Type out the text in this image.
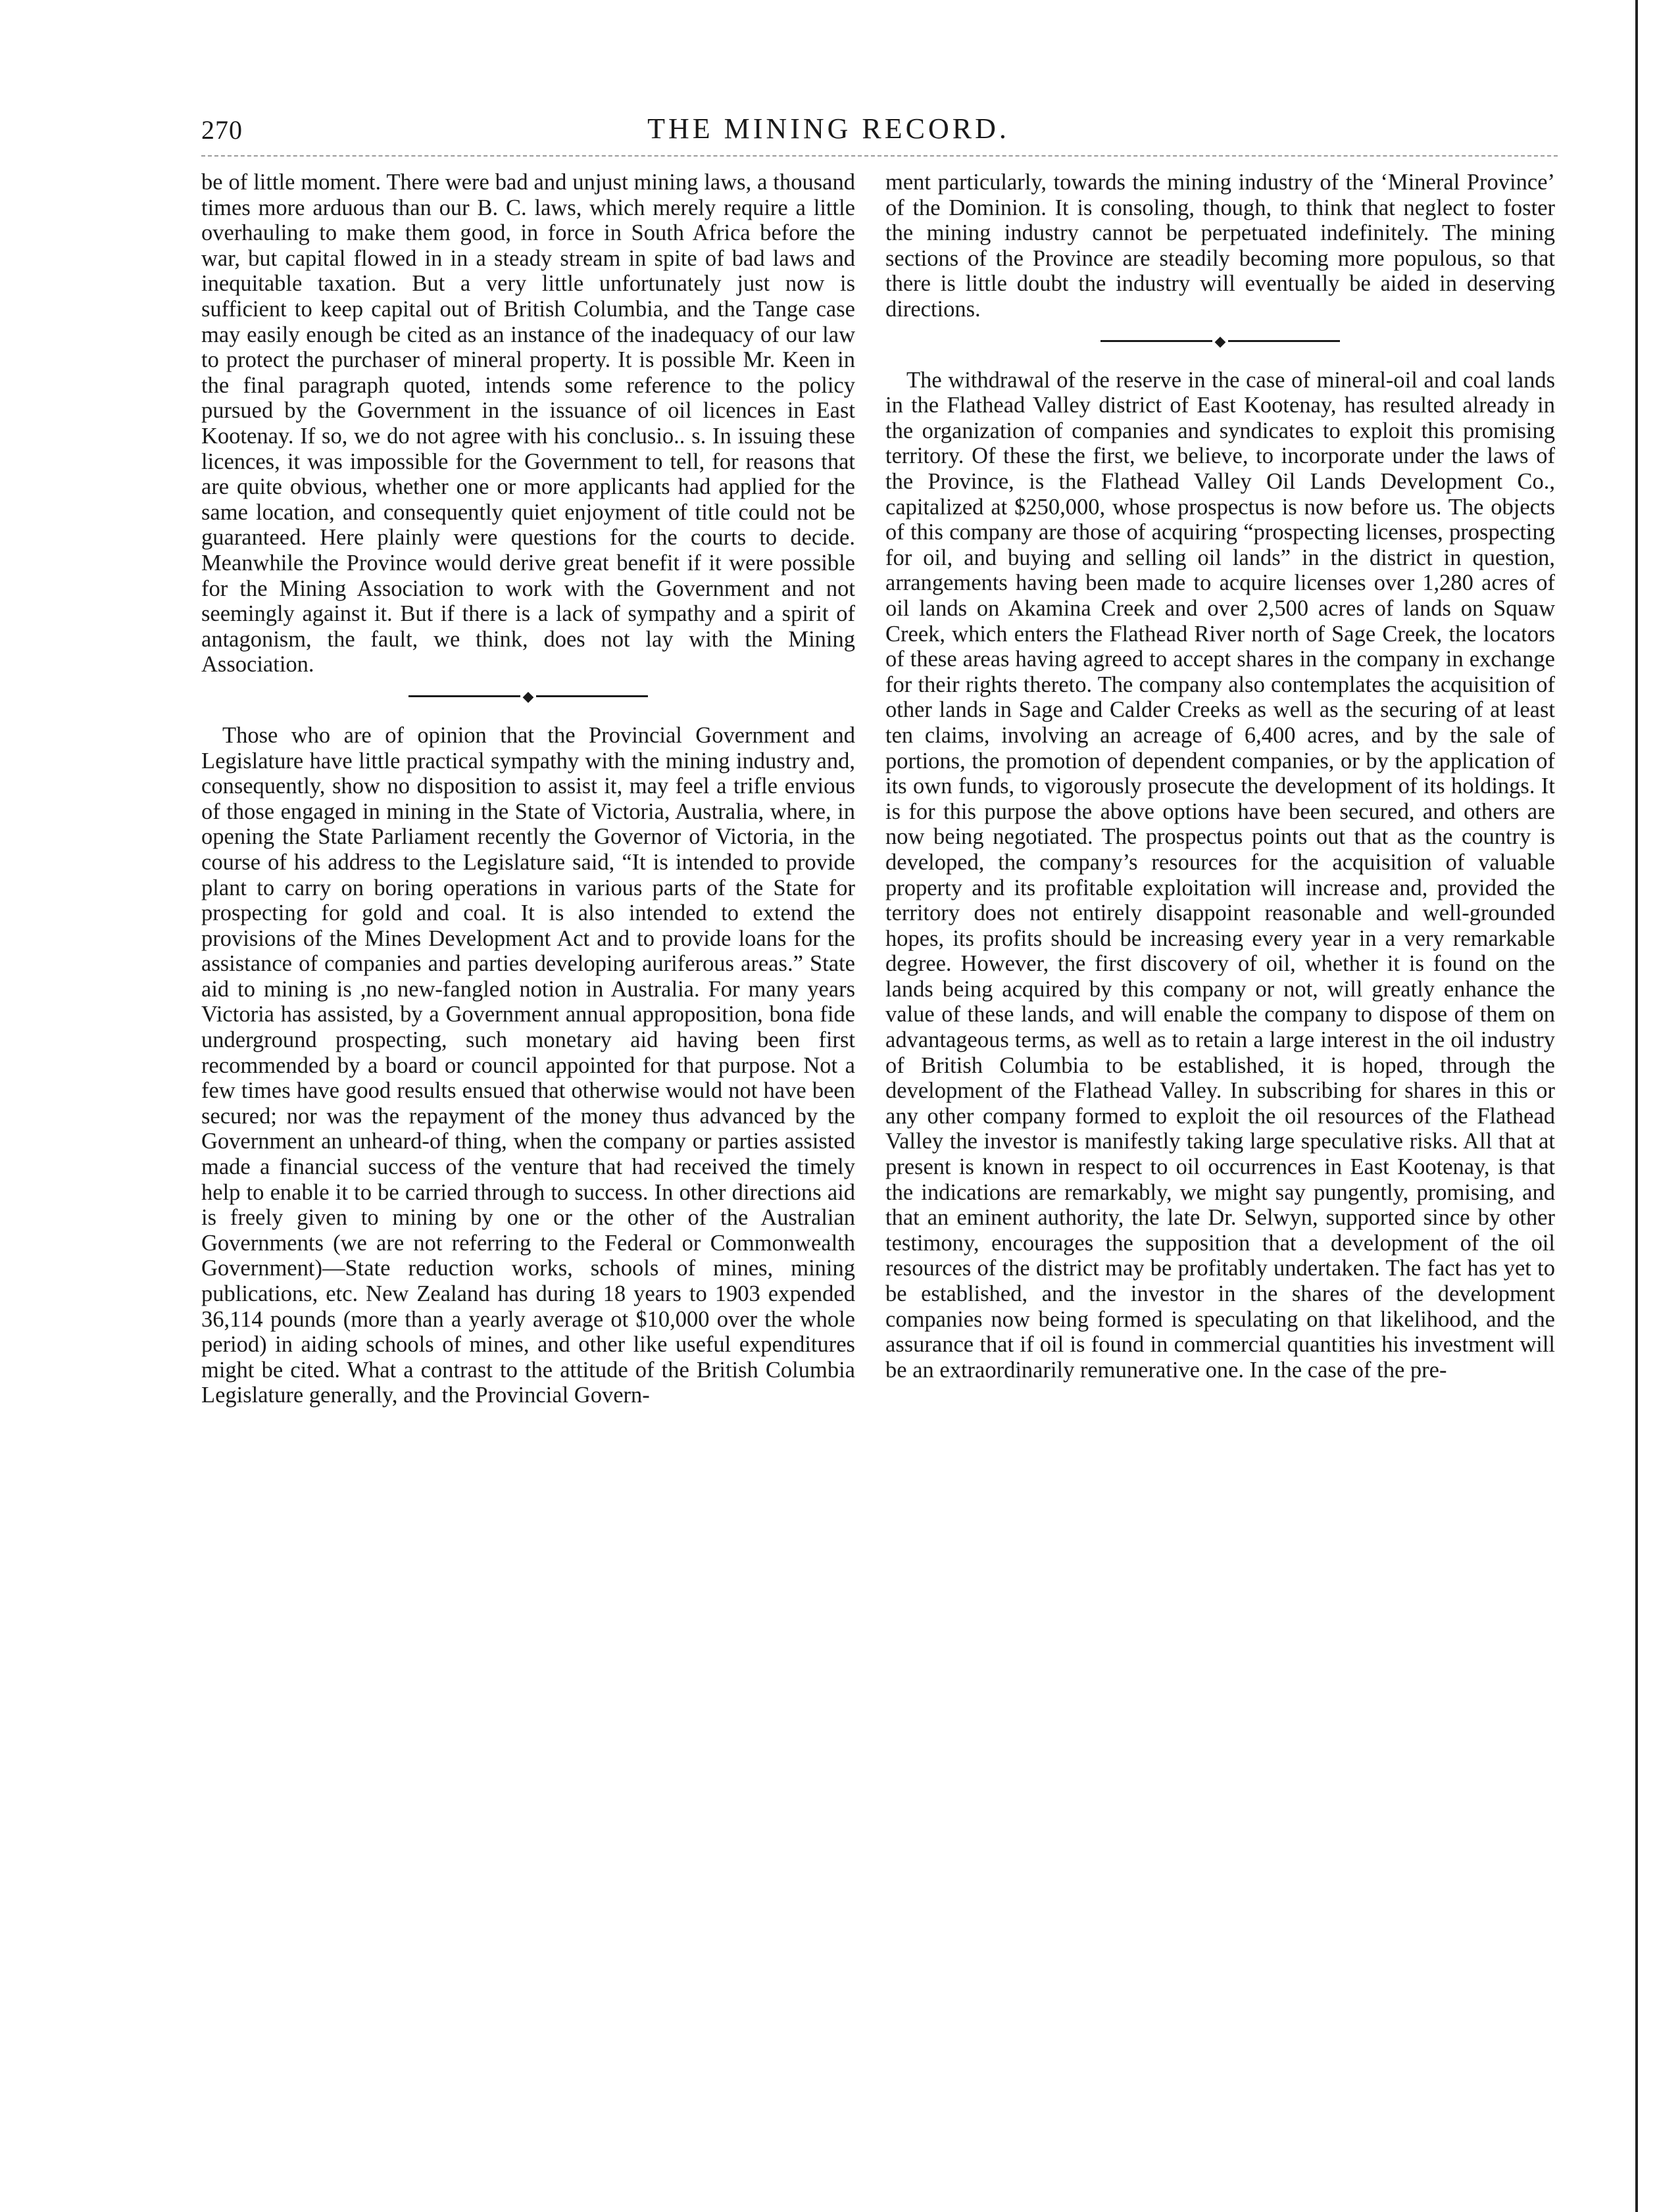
270	THE MINING RECORD.

be of little moment. There were bad and unjust mining laws, a thousand times more arduous than our B. C. laws, which merely require a little overhauling to make them good, in force in South Africa before the war, but capital flowed in in a steady stream in spite of bad laws and inequitable taxation. But a very little unfortunately just now is sufficient to keep capital out of British Columbia, and the Tange case may easily enough be cited as an instance of the inadequacy of our law to protect the purchaser of mineral property. It is possible Mr. Keen in the final paragraph quoted, intends some reference to the policy pursued by the Government in the issuance of oil licences in East Kootenay. If so, we do not agree with his conclusio.. s. In issuing these licences, it was impossible for the Government to tell, for reasons that are quite obvious, whether one or more applicants had applied for the same location, and consequently quiet enjoyment of title could not be guaranteed. Here plainly were questions for the courts to decide. Meanwhile the Province would derive great benefit if it were possible for the Mining Association to work with the Government and not seemingly against it. But if there is a lack of sympathy and a spirit of antagonism, the fault, we think, does not lay with the Mining Association.

◆

Those who are of opinion that the Provincial Government and Legislature have little practical sympathy with the mining industry and, consequently, show no disposition to assist it, may feel a trifle envious of those engaged in mining in the State of Victoria, Australia, where, in opening the State Parliament recently the Governor of Victoria, in the course of his address to the Legislature said, “It is intended to provide plant to carry on boring operations in various parts of the State for prospecting for gold and coal. It is also intended to extend the provisions of the Mines Development Act and to provide loans for the assistance of companies and parties developing auriferous areas.” State aid to mining is ,no new-fangled notion in Australia. For many years Victoria has assisted, by a Government annual approposition, bona fide underground prospecting, such monetary aid having been first recommended by a board or council appointed for that purpose. Not a few times have good results ensued that otherwise would not have been secured; nor was the repayment of the money thus advanced by the Government an unheard-of thing, when the company or parties assisted made a financial success of the venture that had received the timely help to enable it to be carried through to success. In other directions aid is freely given to mining by one or the other of the Australian Governments (we are not referring to the Federal or Commonwealth Government)—State reduction works, schools of mines, mining publications, etc. New Zealand has during 18 years to 1903 expended 36,114 pounds (more than a yearly average ot $10,000 over the whole period) in aiding schools of mines, and other like useful expenditures might be cited. What a contrast to the attitude of the British Columbia Legislature generally, and the Provincial Govern-

ment particularly, towards the mining industry of the ‘Mineral Province’ of the Dominion. It is consoling, though, to think that neglect to foster the mining industry cannot be perpetuated indefinitely. The mining sections of the Province are steadily becoming more populous, so that there is little doubt the industry will eventually be aided in deserving directions.

◆

The withdrawal of the reserve in the case of mineral-oil and coal lands in the Flathead Valley district of East Kootenay, has resulted already in the organization of companies and syndicates to exploit this promising territory. Of these the first, we believe, to incorporate under the laws of the Province, is the Flathead Valley Oil Lands Development Co., capitalized at $250,000, whose prospectus is now before us. The objects of this company are those of acquiring “prospecting licenses, prospecting for oil, and buying and selling oil lands” in the district in question, arrangements having been made to acquire licenses over 1,280 acres of oil lands on Akamina Creek and over 2,500 acres of lands on Squaw Creek, which enters the Flathead River north of Sage Creek, the locators of these areas having agreed to accept shares in the company in exchange for their rights thereto. The company also contemplates the acquisition of other lands in Sage and Calder Creeks as well as the securing of at least ten claims, involving an acreage of 6,400 acres, and by the sale of portions, the promotion of dependent companies, or by the application of its own funds, to vigorously prosecute the development of its holdings. It is for this purpose the above options have been secured, and others are now being negotiated. The prospectus points out that as the country is developed, the company’s resources for the acquisition of valuable property and its profitable exploitation will increase and, provided the territory does not entirely disappoint reasonable and well-grounded hopes, its profits should be increasing every year in a very remarkable degree. However, the first discovery of oil, whether it is found on the lands being acquired by this company or not, will greatly enhance the value of these lands, and will enable the company to dispose of them on advantageous terms, as well as to retain a large interest in the oil industry of British Columbia to be established, it is hoped, through the development of the Flathead Valley. In subscribing for shares in this or any other company formed to exploit the oil resources of the Flathead Valley the investor is manifestly taking large speculative risks. All that at present is known in respect to oil occurrences in East Kootenay, is that the indications are remarkably, we might say pungently, promising, and that an eminent authority, the late Dr. Selwyn, supported since by other testimony, encourages the supposition that a development of the oil resources of the district may be profitably undertaken. The fact has yet to be established, and the investor in the shares of the development companies now being formed is speculating on that likelihood, and the assurance that if oil is found in commercial quantities his investment will be an extraordinarily remunerative one. In the case of the pre-
